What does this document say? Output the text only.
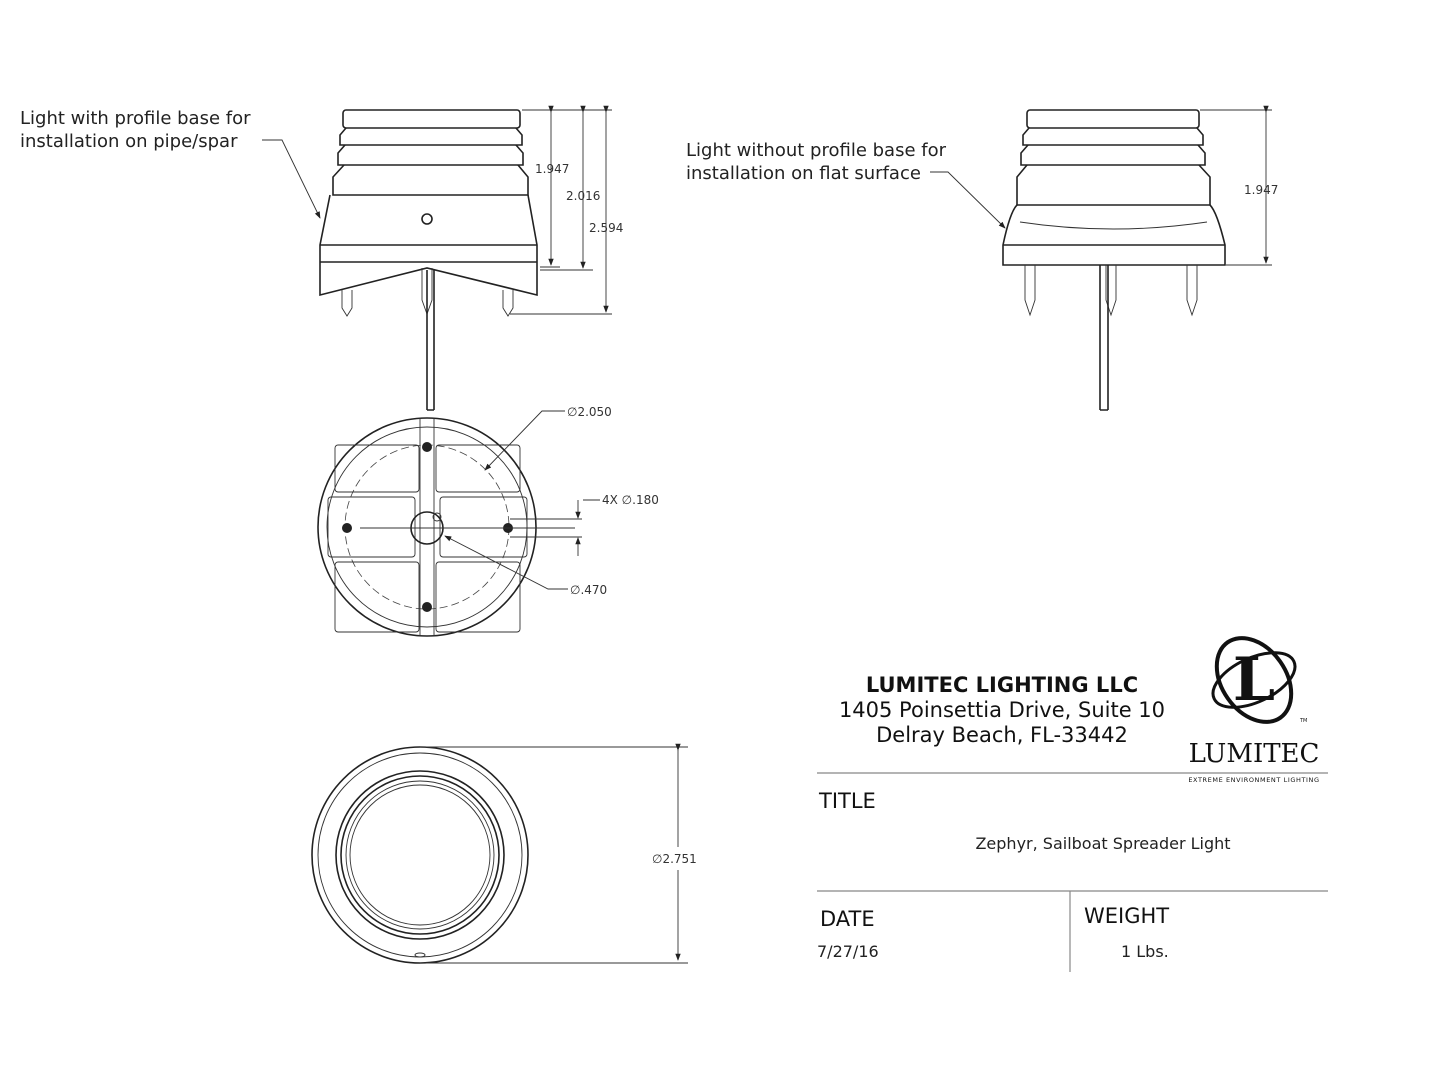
1.947
2.016
2.594
Light with profile base for
installation on pipe/spar
1.947
Light without profile base for
installation on flat surface
4X ∅.180
∅2.050
∅.470
∅2.751
LUMITEC LIGHTING LLC
1405 Poinsettia Drive, Suite 10
Delray Beach, FL-33442
L
TM
LUMITEC
EXTREME ENVIRONMENT LIGHTING
TITLE
Zephyr, Sailboat Spreader Light
DATE
7/27/16
WEIGHT
1 Lbs.
